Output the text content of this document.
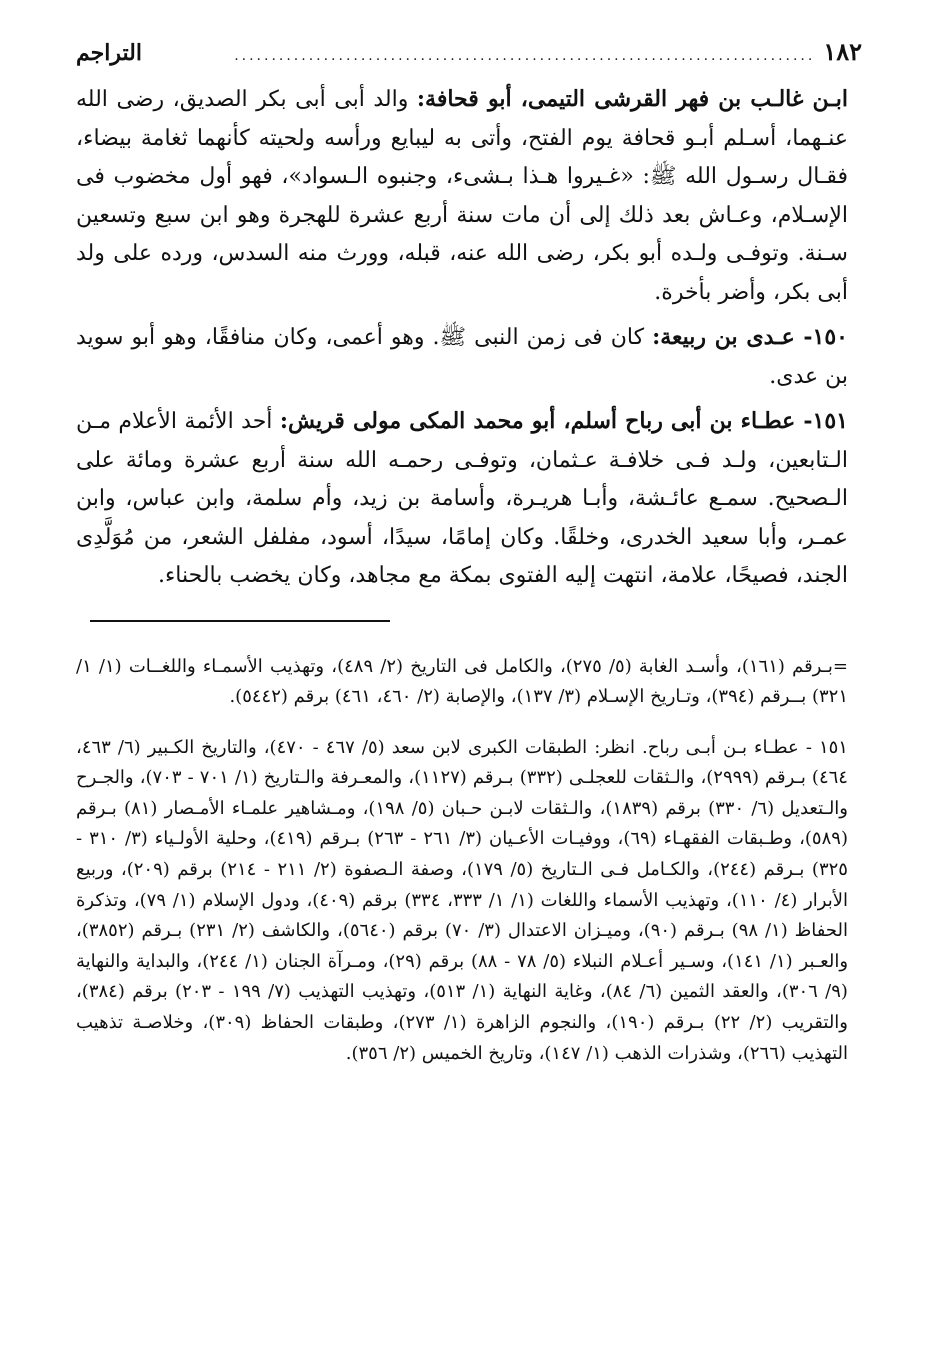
١٨٢
..............................................................................
التراجم

ابـن غالـب بن فهر القرشى التيمى، أبو قحافة: والد أبى أبى بكر الصديق، رضى الله عنـهما، أسـلم أبـو قحافة يوم الفتح، وأتى به ليبايع ورأسه ولحيته كأنهما ثغامة بيضاء، فقـال رسـول الله ﷺ: «غـيروا هـذا بـشىء، وجنبوه الـسواد»، فهو أول مخضوب فى الإسـلام، وعـاش بعد ذلك إلى أن مات سنة أربع عشرة للهجرة وهو ابن سبع وتسعين سـنة. وتوفـى ولـده أبو بكر، رضى الله عنه، قبله، وورث منه السدس، ورده على ولد أبى بكر، وأضر بأخرة.

١٥٠- عـدى بن ربيعة: كان فى زمن النبى ﷺ. وهو أعمى، وكان منافقًا، وهو أبو سويد بن عدى.

١٥١- عطـاء بن أبى رباح أسلم، أبو محمد المكى مولى قريش: أحد الأئمة الأعلام مـن الـتابعين، ولـد فـى خلافـة عـثمان، وتوفـى رحمـه الله سنة أربع عشرة ومائة على الـصحيح. سمـع عائـشة، وأبـا هريـرة، وأسامة بن زيد، وأم سلمة، وابن عباس، وابن عمـر، وأبا سعيد الخدرى، وخلقًا. وكان إمامًا، سيدًا، أسود، مفلفل الشعر، من مُوَلَّدِى الجند، فصيحًا، علامة، انتهت إليه الفتوى بمكة مع مجاهد، وكان يخضب بالحناء.

=بـرقم (١٦١)، وأسـد الغابة (٥/ ٢٧٥)، والكامل فى التاريخ (٢/ ٤٨٩)، وتهذيب الأسمـاء واللغــات (١/ ١/ ٣٢١) بــرقم (٣٩٤)، وتـاريخ الإسـلام (٣/ ١٣٧)، والإصابة (٢/ ٤٦٠، ٤٦١) برقم (٥٤٤٢).

١٥١ - عطـاء بـن أبـى رباح. انظر: الطبقات الكبرى لابن سعد (٥/ ٤٦٧ - ٤٧٠)، والتاريخ الكـبير (٦/ ٤٦٣، ٤٦٤) بـرقم (٢٩٩٩)، والـثقات للعجلـى (٣٣٢) بـرقم (١١٢٧)، والمعـرفة والـتاريخ (١/ ٧٠١ - ٧٠٣)، والجـرح والـتعديل (٦/ ٣٣٠) برقم (١٨٣٩)، والـثقات لابـن حـبان (٥/ ١٩٨)، ومـشاهير علمـاء الأمـصار (٨١) بـرقم (٥٨٩)، وطـبقات الفقهـاء (٦٩)، ووفيـات الأعـيان (٣/ ٢٦١ - ٢٦٣) بـرقم (٤١٩)، وحلية الأولـياء (٣/ ٣١٠ - ٣٢٥) بـرقم (٢٤٤)، والكـامل فـى الـتاريخ (٥/ ١٧٩)، وصفة الـصفوة (٢/ ٢١١ - ٢١٤) برقم (٢٠٩)، وربيع الأبرار (٤/ ١١٠)، وتهذيب الأسماء واللغات (١/ ١/ ٣٣٣، ٣٣٤) برقم (٤٠٩)، ودول الإسلام (١/ ٧٩)، وتذكرة الحفاظ (١/ ٩٨) بـرقم (٩٠)، وميـزان الاعتدال (٣/ ٧٠) برقم (٥٦٤٠)، والكاشف (٢/ ٢٣١) بـرقم (٣٨٥٢)، والعـبر (١/ ١٤١)، وسـير أعـلام النبلاء (٥/ ٧٨ - ٨٨) برقم (٢٩)، ومـرآة الجنان (١/ ٢٤٤)، والبداية والنهاية (٩/ ٣٠٦)، والعقد الثمين (٦/ ٨٤)، وغاية النهاية (١/ ٥١٣)، وتهذيب التهذيب (٧/ ١٩٩ - ٢٠٣) برقم (٣٨٤)، والتقريب (٢/ ٢٢) بـرقم (١٩٠)، والنجوم الزاهرة (١/ ٢٧٣)، وطبقات الحفاظ (٣٠٩)، وخلاصـة تذهيب التهذيب (٢٦٦)، وشذرات الذهب (١/ ١٤٧)، وتاريخ الخميس (٢/ ٣٥٦).
